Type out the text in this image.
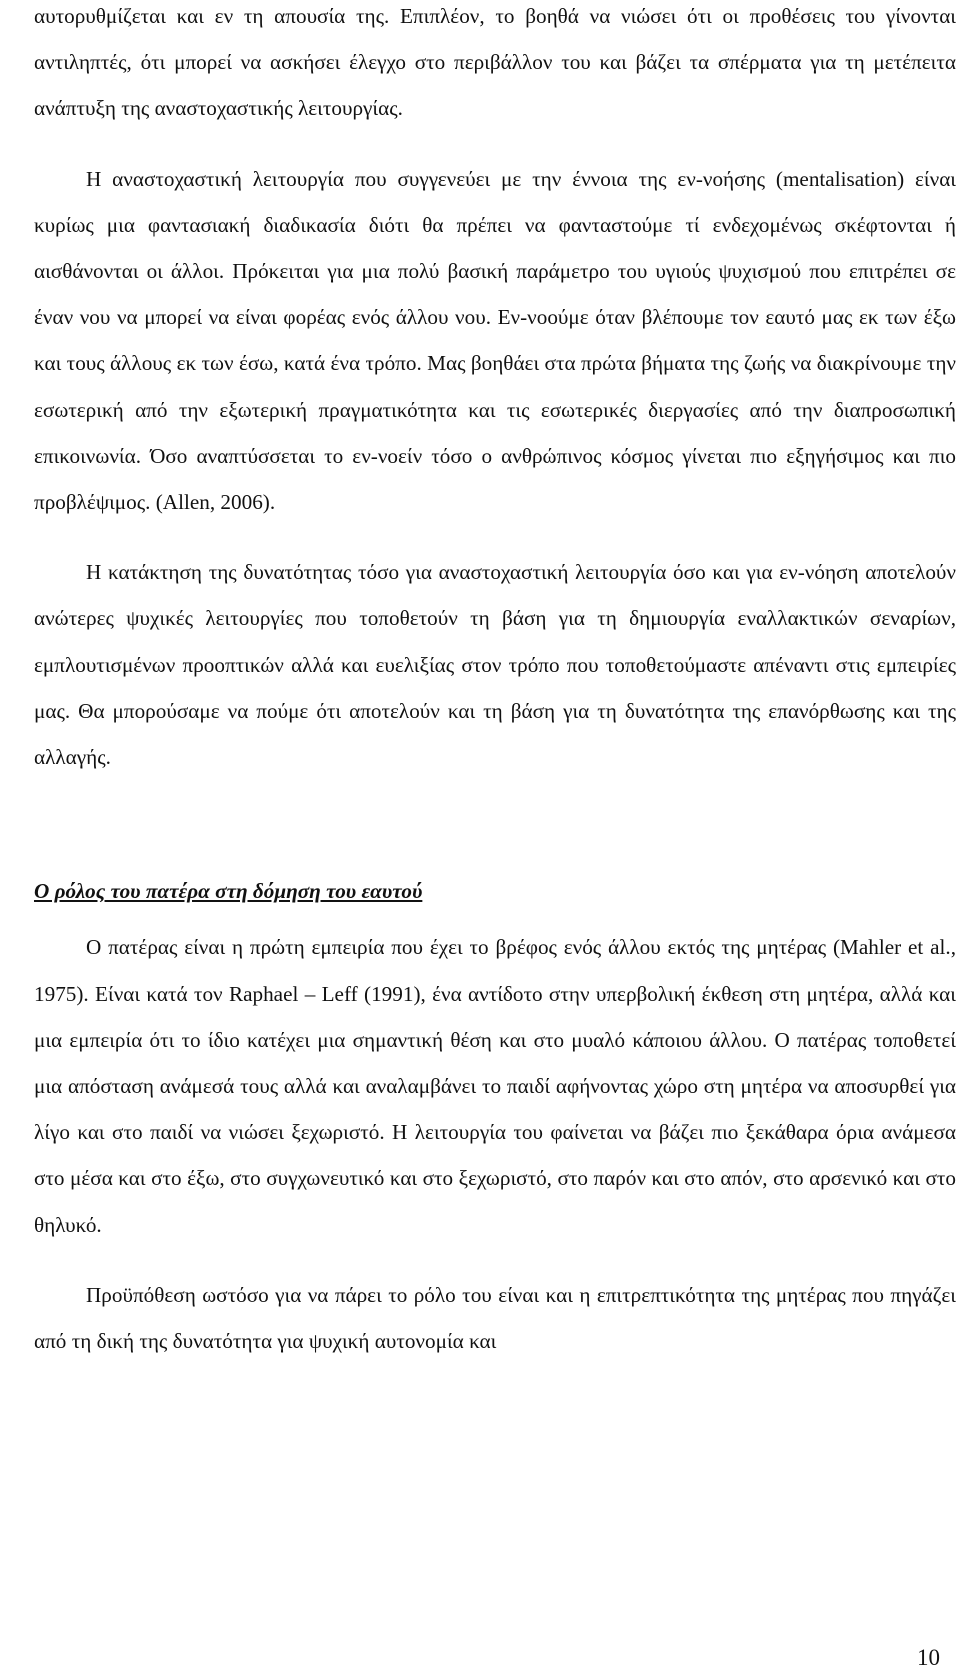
αυτορυθμίζεται και εν τη απουσία της. Επιπλέον, το βοηθά να νιώσει ότι οι προθέσεις του γίνονται αντιληπτές, ότι μπορεί να ασκήσει έλεγχο στο περιβάλλον του και βάζει τα σπέρματα για τη μετέπειτα ανάπτυξη της αναστοχαστικής λειτουργίας.

Η αναστοχαστική λειτουργία που συγγενεύει με την έννοια της εν-νοήσης (mentalisation) είναι κυρίως μια φαντασιακή διαδικασία διότι θα πρέπει να φανταστούμε τί ενδεχομένως σκέφτονται ή αισθάνονται οι άλλοι. Πρόκειται για μια πολύ βασική παράμετρο του υγιούς ψυχισμού που επιτρέπει σε έναν νου να μπορεί να είναι φορέας ενός άλλου νου. Εν-νοούμε όταν βλέπουμε τον εαυτό μας εκ των έξω και τους άλλους εκ των έσω, κατά ένα τρόπο. Μας βοηθάει στα πρώτα βήματα της ζωής να διακρίνουμε την εσωτερική από την εξωτερική πραγματικότητα και τις εσωτερικές διεργασίες από την διαπροσωπική επικοινωνία. Όσο αναπτύσσεται το εν-νοείν τόσο ο ανθρώπινος κόσμος γίνεται πιο εξηγήσιμος και πιο προβλέψιμος. (Allen, 2006).

Η κατάκτηση της δυνατότητας τόσο για αναστοχαστική λειτουργία όσο και για εν-νόηση αποτελούν ανώτερες ψυχικές λειτουργίες που τοποθετούν τη βάση για τη δημιουργία εναλλακτικών σεναρίων, εμπλουτισμένων προοπτικών αλλά και ευελιξίας στον τρόπο που τοποθετούμαστε απέναντι στις εμπειρίες μας. Θα μπορούσαμε να πούμε ότι αποτελούν και τη βάση για τη δυνατότητα της επανόρθωσης και της αλλαγής.

Ο ρόλος του πατέρα στη δόμηση του εαυτού

Ο πατέρας είναι η πρώτη εμπειρία που έχει το βρέφος ενός άλλου εκτός της μητέρας (Mahler et al., 1975). Είναι κατά τον Raphael – Leff (1991), ένα αντίδοτο στην υπερβολική έκθεση στη μητέρα, αλλά και μια εμπειρία ότι το ίδιο κατέχει μια σημαντική θέση και στο μυαλό κάποιου άλλου. Ο πατέρας τοποθετεί μια απόσταση ανάμεσά τους αλλά και αναλαμβάνει το παιδί αφήνοντας χώρο στη μητέρα να αποσυρθεί για λίγο και στο παιδί να νιώσει ξεχωριστό. Η λειτουργία του φαίνεται να βάζει πιο ξεκάθαρα όρια ανάμεσα στο μέσα και στο έξω, στο συγχωνευτικό και στο ξεχωριστό, στο παρόν και στο απόν, στο αρσενικό και στο θηλυκό.

Προϋπόθεση ωστόσο για να πάρει το ρόλο του είναι και η επιτρεπτικότητα της μητέρας που πηγάζει από τη δική της δυνατότητα για ψυχική αυτονομία και

10
